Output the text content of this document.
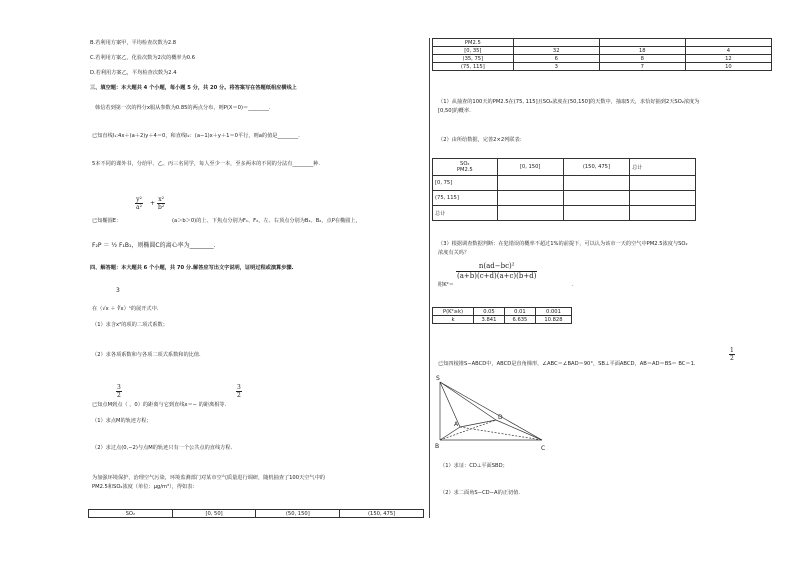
B.若利用方案甲，平均检查次数为2.8
C.若利用方案乙，化验次数为2次的概率为0.6
D.若利用方案乙，平均检查次数为2.4
三、填空题：本大题共 4 个小题，每小题 5 分，共 20 分。将答案写在答题纸相应横线上
韩信若到第一次的得分x服从参数为0.85的两点分布，则P(X＝0)＝________.
已知直线l₁:4x＋(a＋2)y＋4＝0，和直线l₂：(a−1)x＋y＋1＝0平行，则a的值是________.
5本不同的课外书，分给甲、乙、丙三名同学，每人至少一本，至多两本的不同的分法有________种.
$\frac{\text{y²}}{\text{a²}} + \frac{\text{x²}}{\text{b²}}$
已知椭圆E：	(a＞b＞0)的上、下焦点分别为F₁、F₂，左、右顶点分别为B₁、B₂，点P在椭圆上，
F₂P ＝ ½ F₁B₁，则椭圆C的离心率为________.
四、解答题：本大题共 6 个小题，共 70 分.解答应写出文字说明，证明过程或演算步骤.
3
在（√x ＋ ∛x）ⁿ的展开式中.
（1）求含x²的项的二项式系数；
（2）求各项系数和与各项二项式系数和的比值.
$\frac{3}{2}$	$\frac{3}{2}$
已知点M到点（ ，0）的距离与它到直线x＝− 的距离相等.
（1）求点M的轨迹方程；
（2）求过点(0,−2)与点M的轨迹只有一个公共点的直线方程.
为加强环境保护，治理空气污染，环境监测部门对某市空气质量进行调研，随机抽查了100天空气中的
PM2.5和SO₂浓度（单位：μg/m³），得如表：
SO₂	[0, 50]	(50, 150]	(150, 475]
PM2.5			
[0, 35]	32	18	4
(35, 75]	6	8	12
(75, 115]	3	7	10
（1）从抽查的100天的PM2.5在(75, 115]且SO₂浓度在(50,150]的天数中，抽取5天，求恰好抽到2天SO₂浓度为
[0,50]的概率.
（2）由所给数据，完善2×2列联表：
SO₂
PM2.5	[0, 150]	(150, 475]	总计
[0, 75]			
(75, 115]			
总计			
（3）根据调查数据判断：在犯错误的概率不超过1%的前提下，可以认为该市一天的空气中PM2.5浓度与SO₂
浓度有关吗？
附K²＝
$\frac{\text{n(ad−bc)²}}{(a+b)(c+d)(a+c)(b+d)}$
.
P(K²≥k)	0.05	0.01	0.001
k	3.841	6.635	10.828
$\frac{1}{2}$
已知四棱锥S−ABCD中，ABCD是直角梯形，∠ABC＝∠BAD＝90°，SB⊥平面ABCD，AB＝AD＝BS＝ BC＝1.
S
A
D
B	C
（1）求证：CD⊥平面SBD；
（2）求二面角S−CD−A的正切值.
